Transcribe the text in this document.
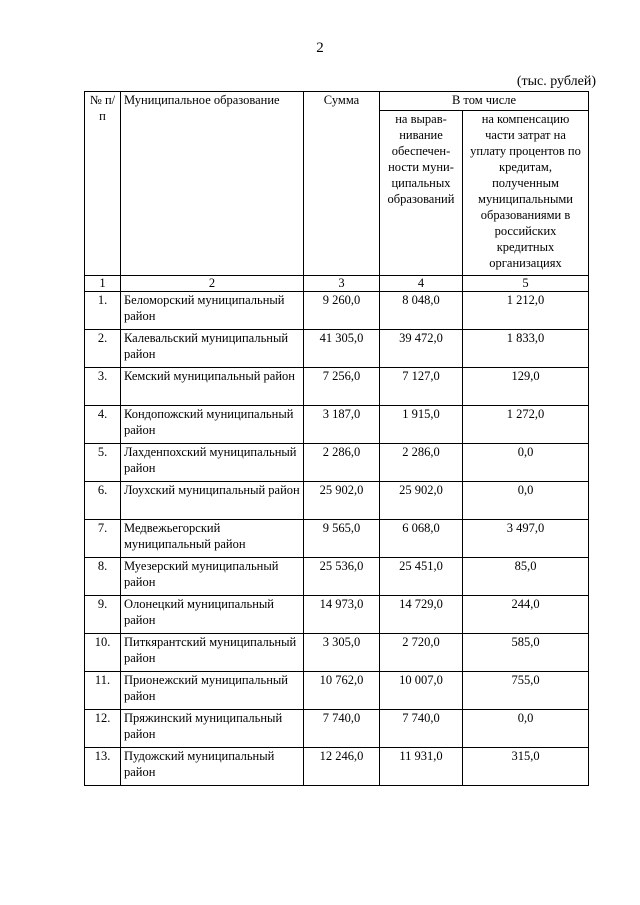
2
(тыс. рублей)
№ п/п	Муниципальное образование	Сумма	В том числе	
			на вырав-нивание обеспечен-ности муни-ципальных образований	на компенсацию части затрат на уплату процентов по кредитам, полученным муниципальными образованиями в российских кредитных организациях
1	2	3	4	5
1.	Беломорский муниципальный район	9 260,0	8 048,0	1 212,0
2.	Калевальский муниципальный район	41 305,0	39 472,0	1 833,0
3.	Кемский муниципальный район	7 256,0	7 127,0	129,0
4.	Кондопожский муниципальный район	3 187,0	1 915,0	1 272,0
5.	Лахденпохский муниципальный район	2 286,0	2 286,0	0,0
6.	Лоухский муниципальный район	25 902,0	25 902,0	0,0
7.	Медвежьегорский муниципальный район	9 565,0	6 068,0	3 497,0
8.	Муезерский муниципальный район	25 536,0	25 451,0	85,0
9.	Олонецкий муниципальный район	14 973,0	14 729,0	244,0
10.	Питкярантский муниципальный район	3 305,0	2 720,0	585,0
11.	Прионежский муниципальный район	10 762,0	10 007,0	755,0
12.	Пряжинский муниципальный район	7 740,0	7 740,0	0,0
13.	Пудожский муниципальный район	12 246,0	11 931,0	315,0
